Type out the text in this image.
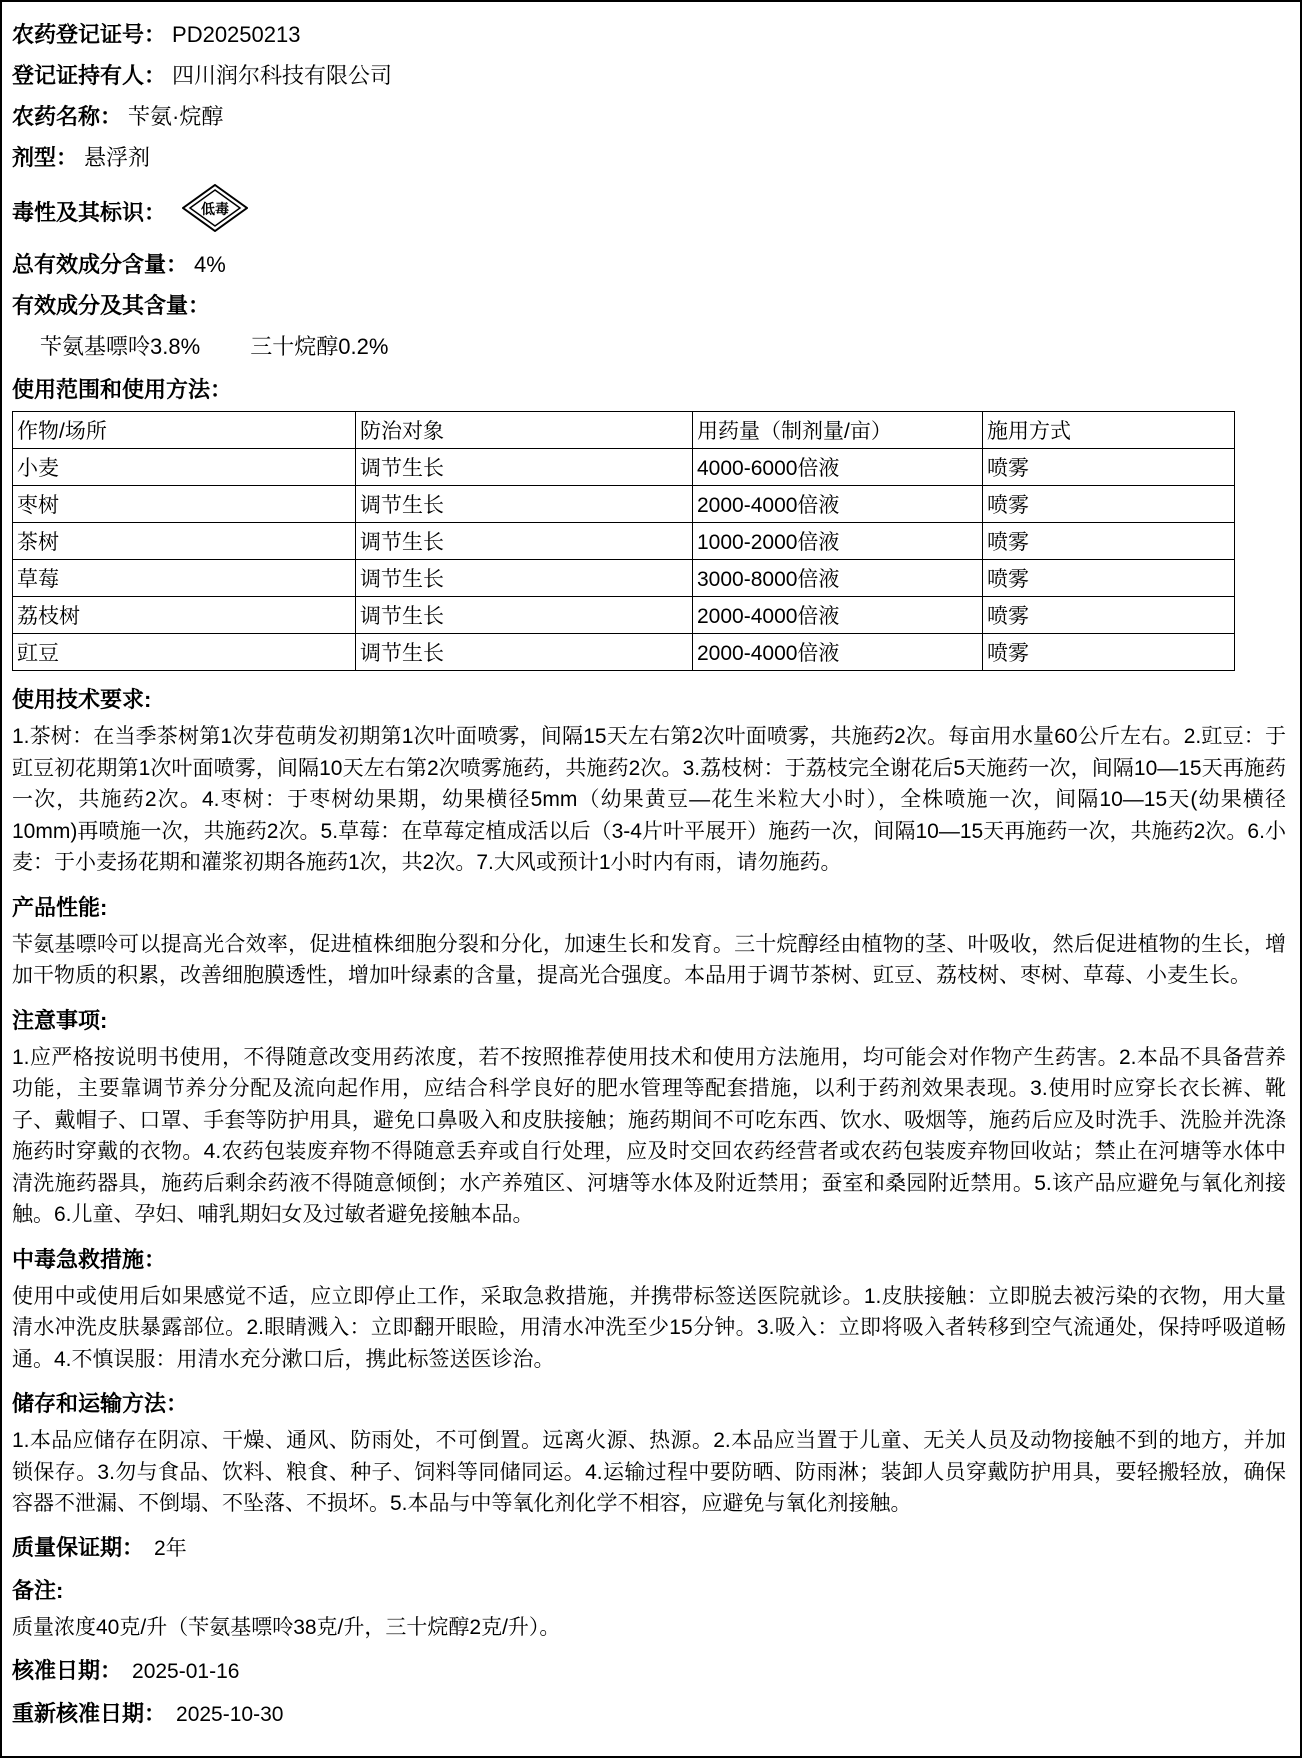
农药登记证号： PD20250213
登记证持有人： 四川润尔科技有限公司
农药名称： 苄氨·烷醇
剂型： 悬浮剂
毒性及其标识：	低毒
总有效成分含量： 4%
有效成分及其含量：
苄氨基嘌呤3.8% 三十烷醇0.2%
使用范围和使用方法：
作物/场所	防治对象	用药量（制剂量/亩）	施用方式
小麦	调节生长	4000-6000倍液	喷雾
枣树	调节生长	2000-4000倍液	喷雾
茶树	调节生长	1000-2000倍液	喷雾
草莓	调节生长	3000-8000倍液	喷雾
荔枝树	调节生长	2000-4000倍液	喷雾
豇豆	调节生长	2000-4000倍液	喷雾
使用技术要求:
1.茶树：在当季茶树第1次芽苞萌发初期第1次叶面喷雾，间隔15天左右第2次叶面喷雾，共施药2次。每亩用水量60公斤左右。2.豇豆：于豇豆初花期第1次叶面喷雾，间隔10天左右第2次喷雾施药，共施药2次。3.荔枝树：于荔枝完全谢花后5天施药一次，间隔10—15天再施药一次，共施药2次。4.枣树：于枣树幼果期，幼果横径5mm（幼果黄豆—花生米粒大小时），全株喷施一次，间隔10—15天(幼果横径10mm)再喷施一次，共施药2次。5.草莓：在草莓定植成活以后（3-4片叶平展开）施药一次，间隔10—15天再施药一次，共施药2次。6.小麦：于小麦扬花期和灌浆初期各施药1次，共2次。7.大风或预计1小时内有雨，请勿施药。
产品性能:
苄氨基嘌呤可以提高光合效率，促进植株细胞分裂和分化，加速生长和发育。三十烷醇经由植物的茎、叶吸收，然后促进植物的生长，增加干物质的积累，改善细胞膜透性，增加叶绿素的含量，提高光合强度。本品用于调节茶树、豇豆、荔枝树、枣树、草莓、小麦生长。
注意事项:
1.应严格按说明书使用，不得随意改变用药浓度，若不按照推荐使用技术和使用方法施用，均可能会对作物产生药害。2.本品不具备营养功能，主要靠调节养分分配及流向起作用，应结合科学良好的肥水管理等配套措施，以利于药剂效果表现。3.使用时应穿长衣长裤、靴子、戴帽子、口罩、手套等防护用具，避免口鼻吸入和皮肤接触；施药期间不可吃东西、饮水、吸烟等，施药后应及时洗手、洗脸并洗涤施药时穿戴的衣物。4.农药包装废弃物不得随意丢弃或自行处理，应及时交回农药经营者或农药包装废弃物回收站；禁止在河塘等水体中清洗施药器具，施药后剩余药液不得随意倾倒；水产养殖区、河塘等水体及附近禁用；蚕室和桑园附近禁用。5.该产品应避免与氧化剂接触。6.儿童、孕妇、哺乳期妇女及过敏者避免接触本品。
中毒急救措施：
使用中或使用后如果感觉不适，应立即停止工作，采取急救措施，并携带标签送医院就诊。1.皮肤接触：立即脱去被污染的衣物，用大量清水冲洗皮肤暴露部位。2.眼睛溅入：立即翻开眼睑，用清水冲洗至少15分钟。3.吸入：立即将吸入者转移到空气流通处，保持呼吸道畅通。4.不慎误服：用清水充分漱口后，携此标签送医诊治。
储存和运输方法：
1.本品应储存在阴凉、干燥、通风、防雨处，不可倒置。远离火源、热源。2.本品应当置于儿童、无关人员及动物接触不到的地方，并加锁保存。3.勿与食品、饮料、粮食、种子、饲料等同储同运。4.运输过程中要防晒、防雨淋；装卸人员穿戴防护用具，要轻搬轻放，确保容器不泄漏、不倒塌、不坠落、不损坏。5.本品与中等氧化剂化学不相容，应避免与氧化剂接触。
质量保证期： 2年
备注:
质量浓度40克/升（苄氨基嘌呤38克/升，三十烷醇2克/升）。
核准日期： 2025-01-16
重新核准日期： 2025-10-30
